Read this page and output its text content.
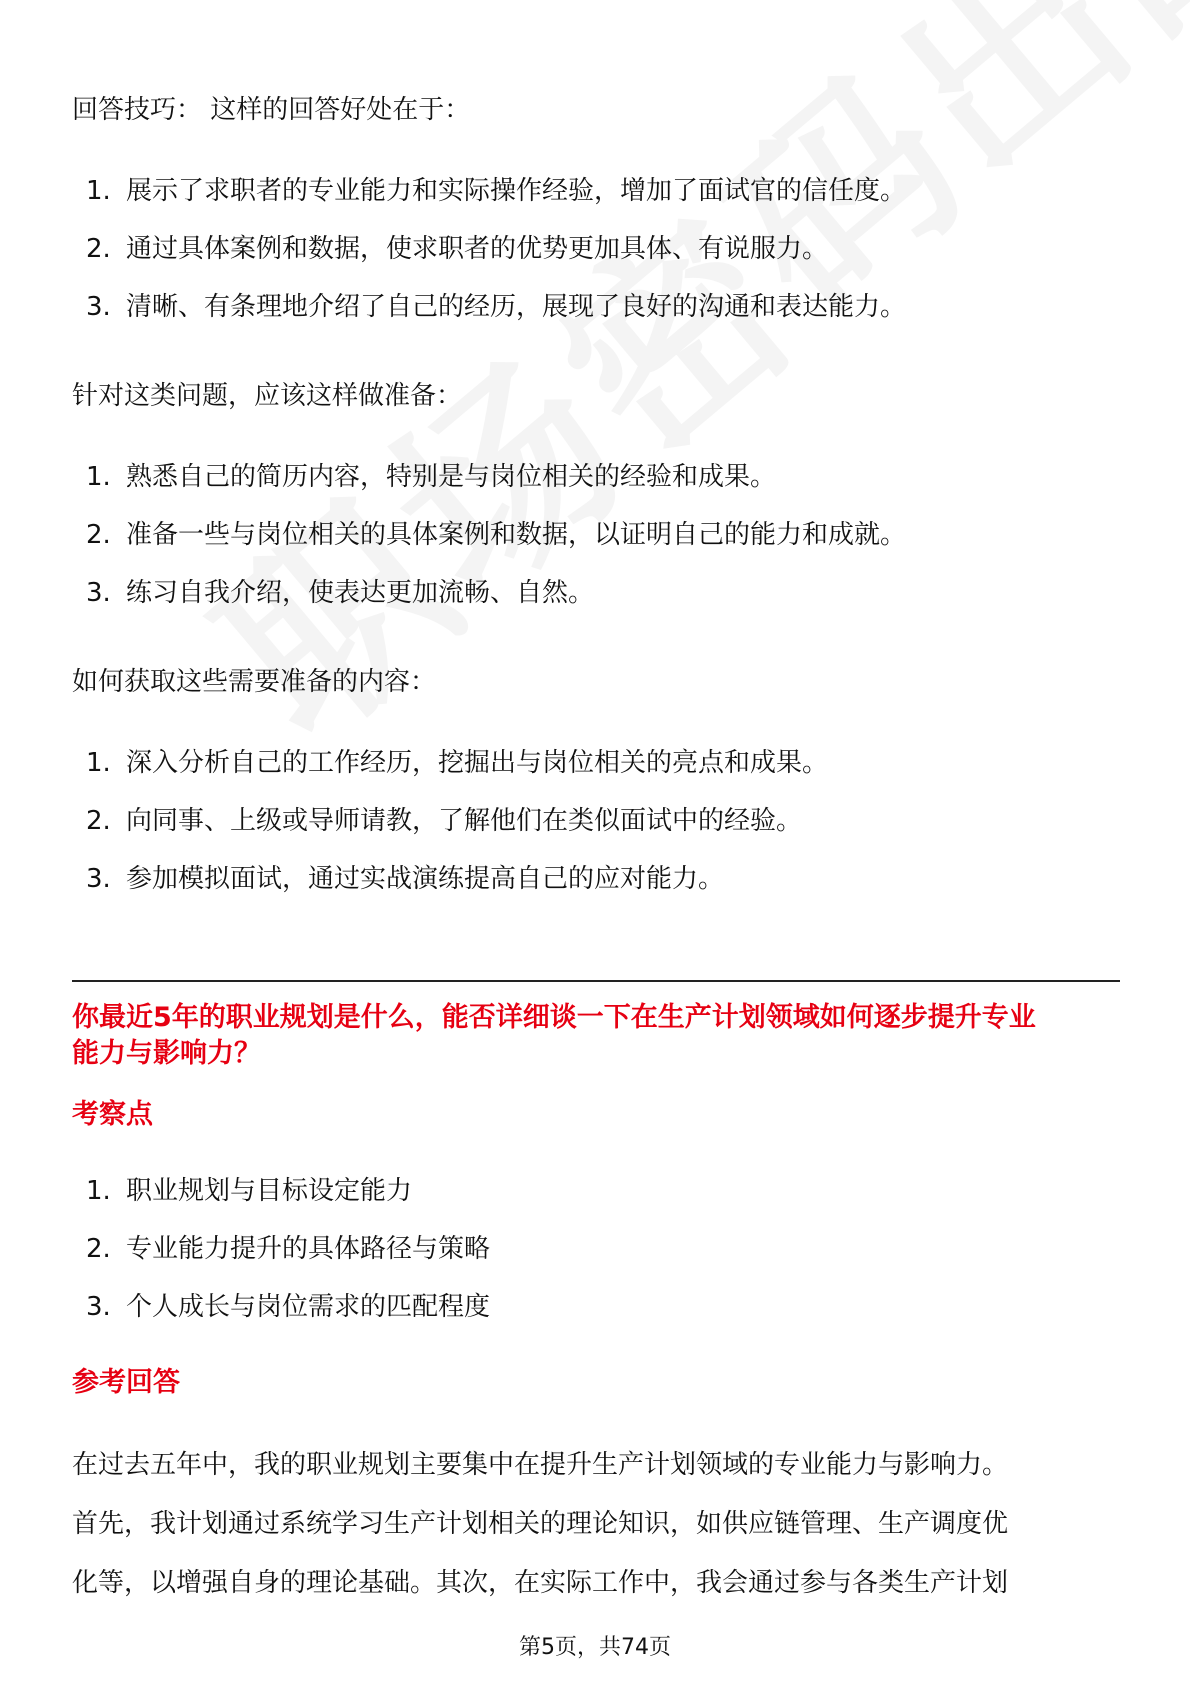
回答技巧： 这样的回答好处在于：
1. 展示了求职者的专业能力和实际操作经验，增加了面试官的信任度。
2. 通过具体案例和数据，使求职者的优势更加具体、有说服力。
3. 清晰、有条理地介绍了自己的经历，展现了良好的沟通和表达能力。
针对这类问题，应该这样做准备：
1. 熟悉自己的简历内容，特别是与岗位相关的经验和成果。
2. 准备一些与岗位相关的具体案例和数据，以证明自己的能力和成就。
3. 练习自我介绍，使表达更加流畅、自然。
如何获取这些需要准备的内容：
1. 深入分析自己的工作经历，挖掘出与岗位相关的亮点和成果。
2. 向同事、上级或导师请教，了解他们在类似面试中的经验。
3. 参加模拟面试，通过实战演练提高自己的应对能力。
你最近5年的职业规划是什么，能否详细谈一下在生产计划领域如何逐步提升专业
能力与影响力？
考察点
1. 职业规划与目标设定能力
2. 专业能力提升的具体路径与策略
3. 个人成长与岗位需求的匹配程度
参考回答
在过去五年中，我的职业规划主要集中在提升生产计划领域的专业能力与影响力。
首先，我计划通过系统学习生产计划相关的理论知识，如供应链管理、生产调度优
化等，以增强自身的理论基础。其次，在实际工作中，我会通过参与各类生产计划
第5页，共74页
